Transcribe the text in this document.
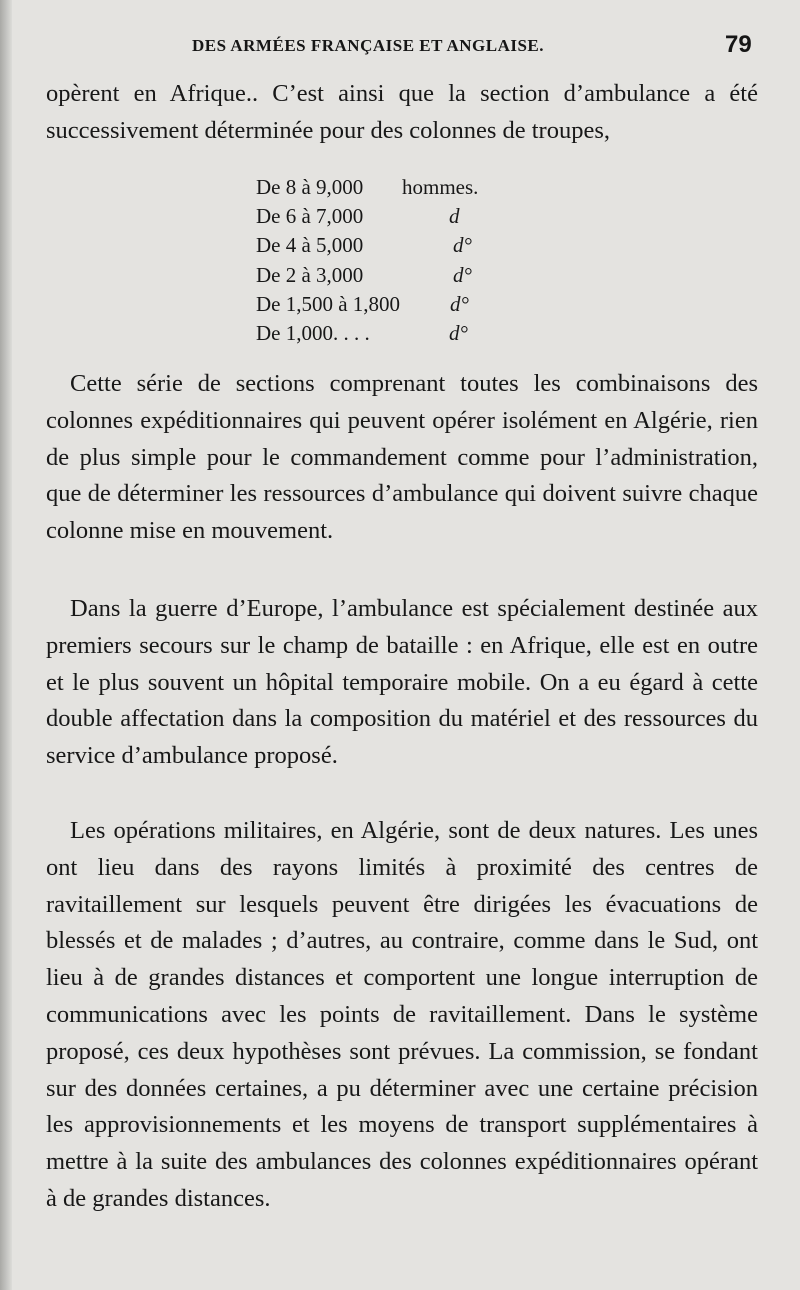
DES ARMÉES FRANÇAISE ET ANGLAISE.	79

opèrent en Afrique.. C’est ainsi que la section d’ambulance a été successivement déterminée pour des colonnes de troupes,

De 8 à 9,000 hommes.
De 6 à 7,000	d
De 4 à 5,000	d°
De 2 à 3,000	d°
De 1,500 à 1,800 d°
De 1,000. . . .	d°

Cette série de sections comprenant toutes les combinaisons des colonnes expéditionnaires qui peuvent opérer isolément en Algérie, rien de plus simple pour le commandement comme pour l’administration, que de déterminer les ressources d’ambulance qui doivent suivre chaque colonne mise en mouvement.

Dans la guerre d’Europe, l’ambulance est spécialement destinée aux premiers secours sur le champ de bataille : en Afrique, elle est en outre et le plus souvent un hôpital temporaire mobile. On a eu égard à cette double affectation dans la composition du matériel et des ressources du service d’ambulance proposé.

Les opérations militaires, en Algérie, sont de deux natures. Les unes ont lieu dans des rayons limités à proximité des centres de ravitaillement sur lesquels peuvent être dirigées les évacuations de blessés et de malades ; d’autres, au contraire, comme dans le Sud, ont lieu à de grandes distances et comportent une longue interruption de communications avec les points de ravitaillement. Dans le système proposé, ces deux hypothèses sont prévues. La commission, se fondant sur des données certaines, a pu déterminer avec une certaine précision les approvisionnements et les moyens de transport supplémentaires à mettre à la suite des ambulances des colonnes expéditionnaires opérant à de grandes distances.
